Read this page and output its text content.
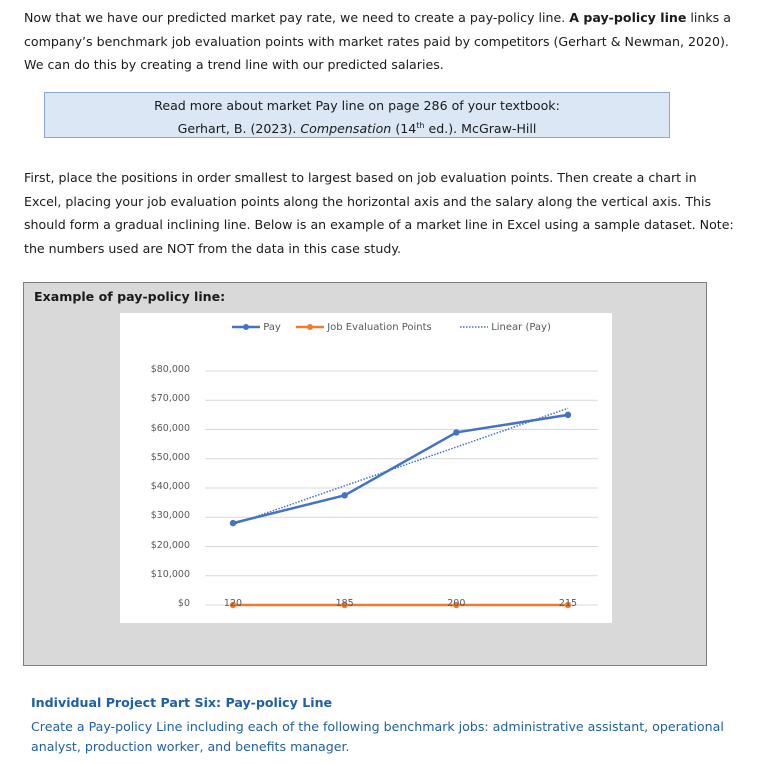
Now that we have our predicted market pay rate, we need to create a pay-policy line. A pay-policy line links a company’s benchmark job evaluation points with market rates paid by competitors (Gerhart & Newman, 2020). We can do this by creating a trend line with our predicted salaries.

Read more about market Pay line on page 286 of your textbook:
Gerhart, B. (2023). Compensation (14th ed.). McGraw-Hill

First, place the positions in order smallest to largest based on job evaluation points. Then create a chart in Excel, placing your job evaluation points along the horizontal axis and the salary along the vertical axis. This should form a gradual inclining line. Below is an example of a market line in Excel using a sample dataset. Note: the numbers used are NOT from the data in this case study.

Example of pay-policy line:
Pay	Job Evaluation Points	Linear (Pay)
$0
$10,000
$20,000
$30,000
$40,000
$50,000
$60,000
$70,000
$80,000
120	185	200	215
Individual Project Part Six: Pay-policy Line
Create a Pay-policy Line including each of the following benchmark jobs: administrative assistant, operational analyst, production worker, and benefits manager.
